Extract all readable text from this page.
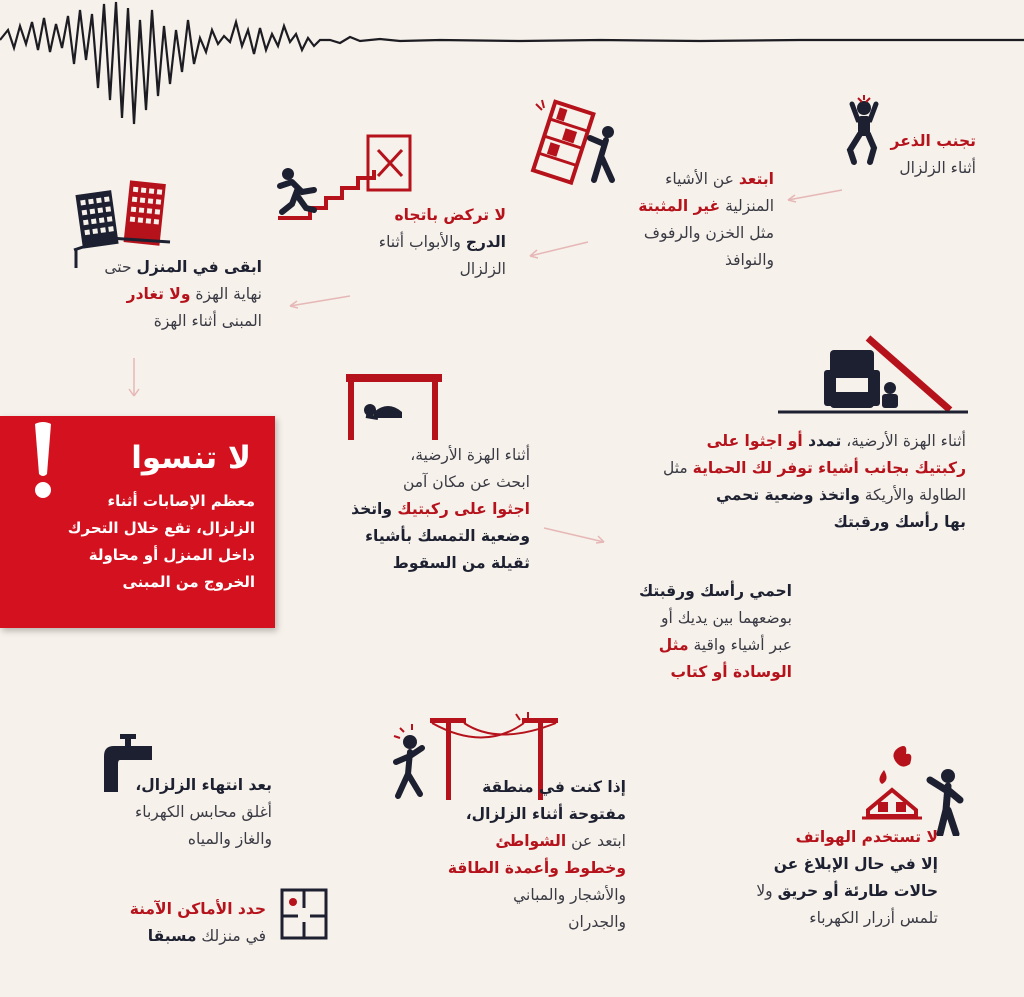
تجنب الذعر

أثناء الزلزال

ابتعد عن الأشياء

المنزلية غير المثبتة

مثل الخزن والرفوف

والنوافذ

لا تركض باتجاه

الدرج والأبواب أثناء

الزلزال

ابقى في المنزل حتى

نهاية الهزة ولا تغادر

المبنى أثناء الهزة

لا تنسوا
معظم الإصابات أثناء
الزلزال، تقع خلال التحرك
داخل المنزل أو محاولة
الخروج من المبنى

أثناء الهزة الأرضية،

ابحث عن مكان آمن

اجثوا على ركبتيك واتخذ

وضعية التمسك بأشياء

ثقيلة من السقوط

أثناء الهزة الأرضية، تمدد أو اجثوا على

ركبتيك بجانب أشياء توفر لك الحماية مثل

الطاولة والأريكة واتخذ وضعية تحمي

بها رأسك ورقبتك

احمي رأسك ورقبتك

بوضعهما بين يديك أو

عبر أشياء واقية مثل

الوسادة أو كتاب

بعد انتهاء الزلزال،

أغلق محابس الكهرباء

والغاز والمياه

حدد الأماكن الآمنة

في منزلك مسبقا

إذا كنت في منطقة

مفتوحة أثناء الزلزال،

ابتعد عن الشواطئ

وخطوط وأعمدة الطاقة

والأشجار والمباني

والجدران

لا تستخدم الهواتف

إلا في حال الإبلاغ عن

حالات طارئة أو حريق ولا

تلمس أزرار الكهرباء
